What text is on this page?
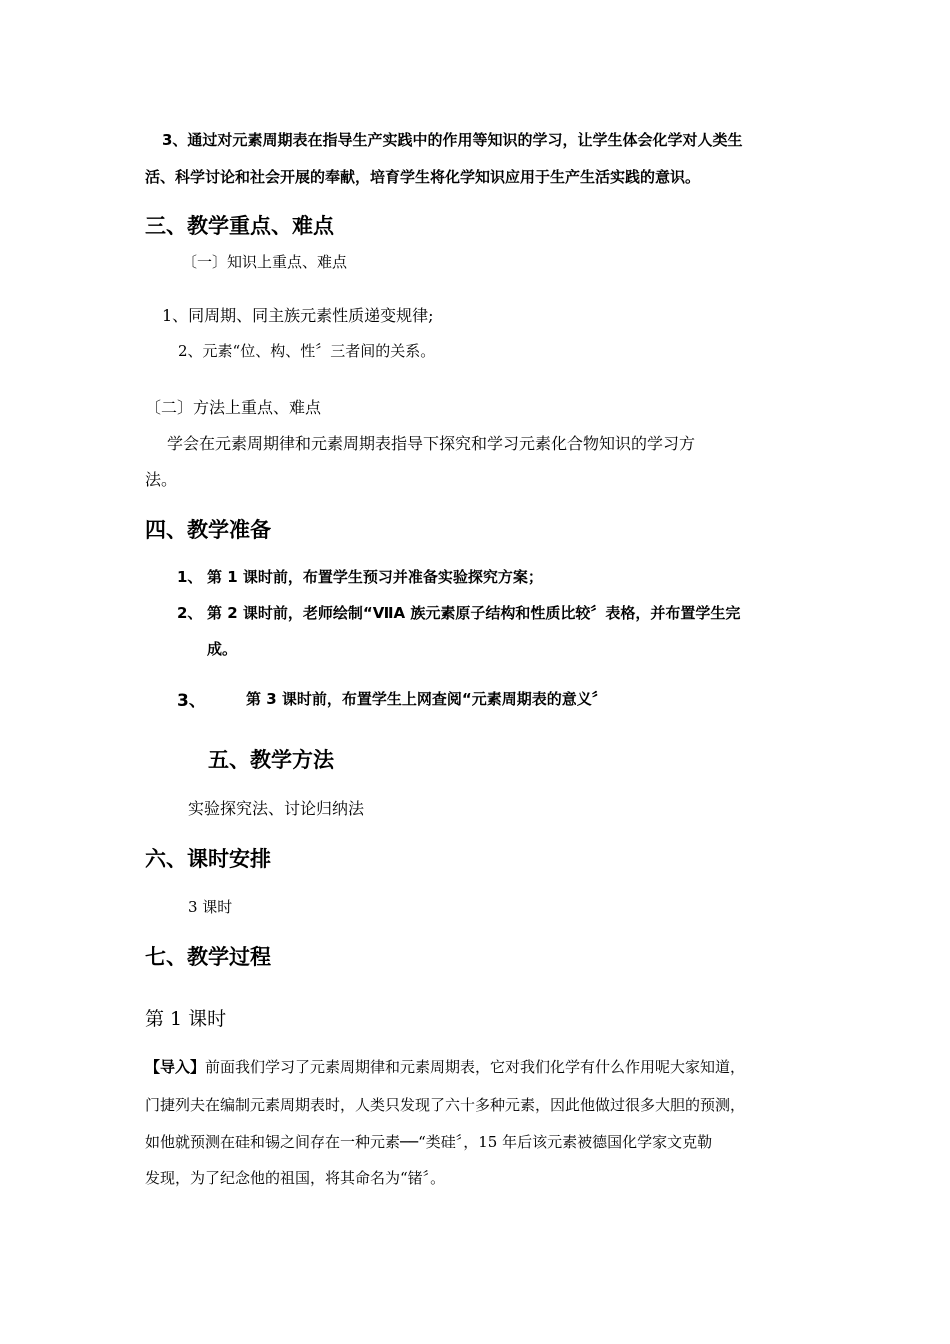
3、通过对元素周期表在指导生产实践中的作用等知识的学习，让学生体会化学对人类生
活、科学讨论和社会开展的奉献，培育学生将化学知识应用于生产生活实践的意识。
三、教学重点、难点
〔一〕知识上重点、难点
1、同周期、同主族元素性质递变规律;
2、元素“位、构、性〞三者间的关系。
〔二〕方法上重点、难点
学会在元素周期律和元素周期表指导下探究和学习元素化合物知识的学习方
法。
四、教学准备
1、 第 1 课时前，布置学生预习并准备实验探究方案；
2、 第 2 课时前，老师绘制“ⅦA 族元素原子结构和性质比较〞表格，并布置学生完
成。
3、	第 3 课时前，布置学生上网查阅“元素周期表的意义〞
五、教学方法
实验探究法、讨论归纳法
六、课时安排
3 课时
七、教学过程
第 1 课时
【导入】前面我们学习了元素周期律和元素周期表，它对我们化学有什么作用呢大家知道，
门捷列夫在编制元素周期表时，人类只发现了六十多种元素，因此他做过很多大胆的预测，
如他就预测在硅和锡之间存在一种元素──“类硅〞，15 年后该元素被德国化学家文克勒
发现，为了纪念他的祖国，将其命名为“锗〞。
